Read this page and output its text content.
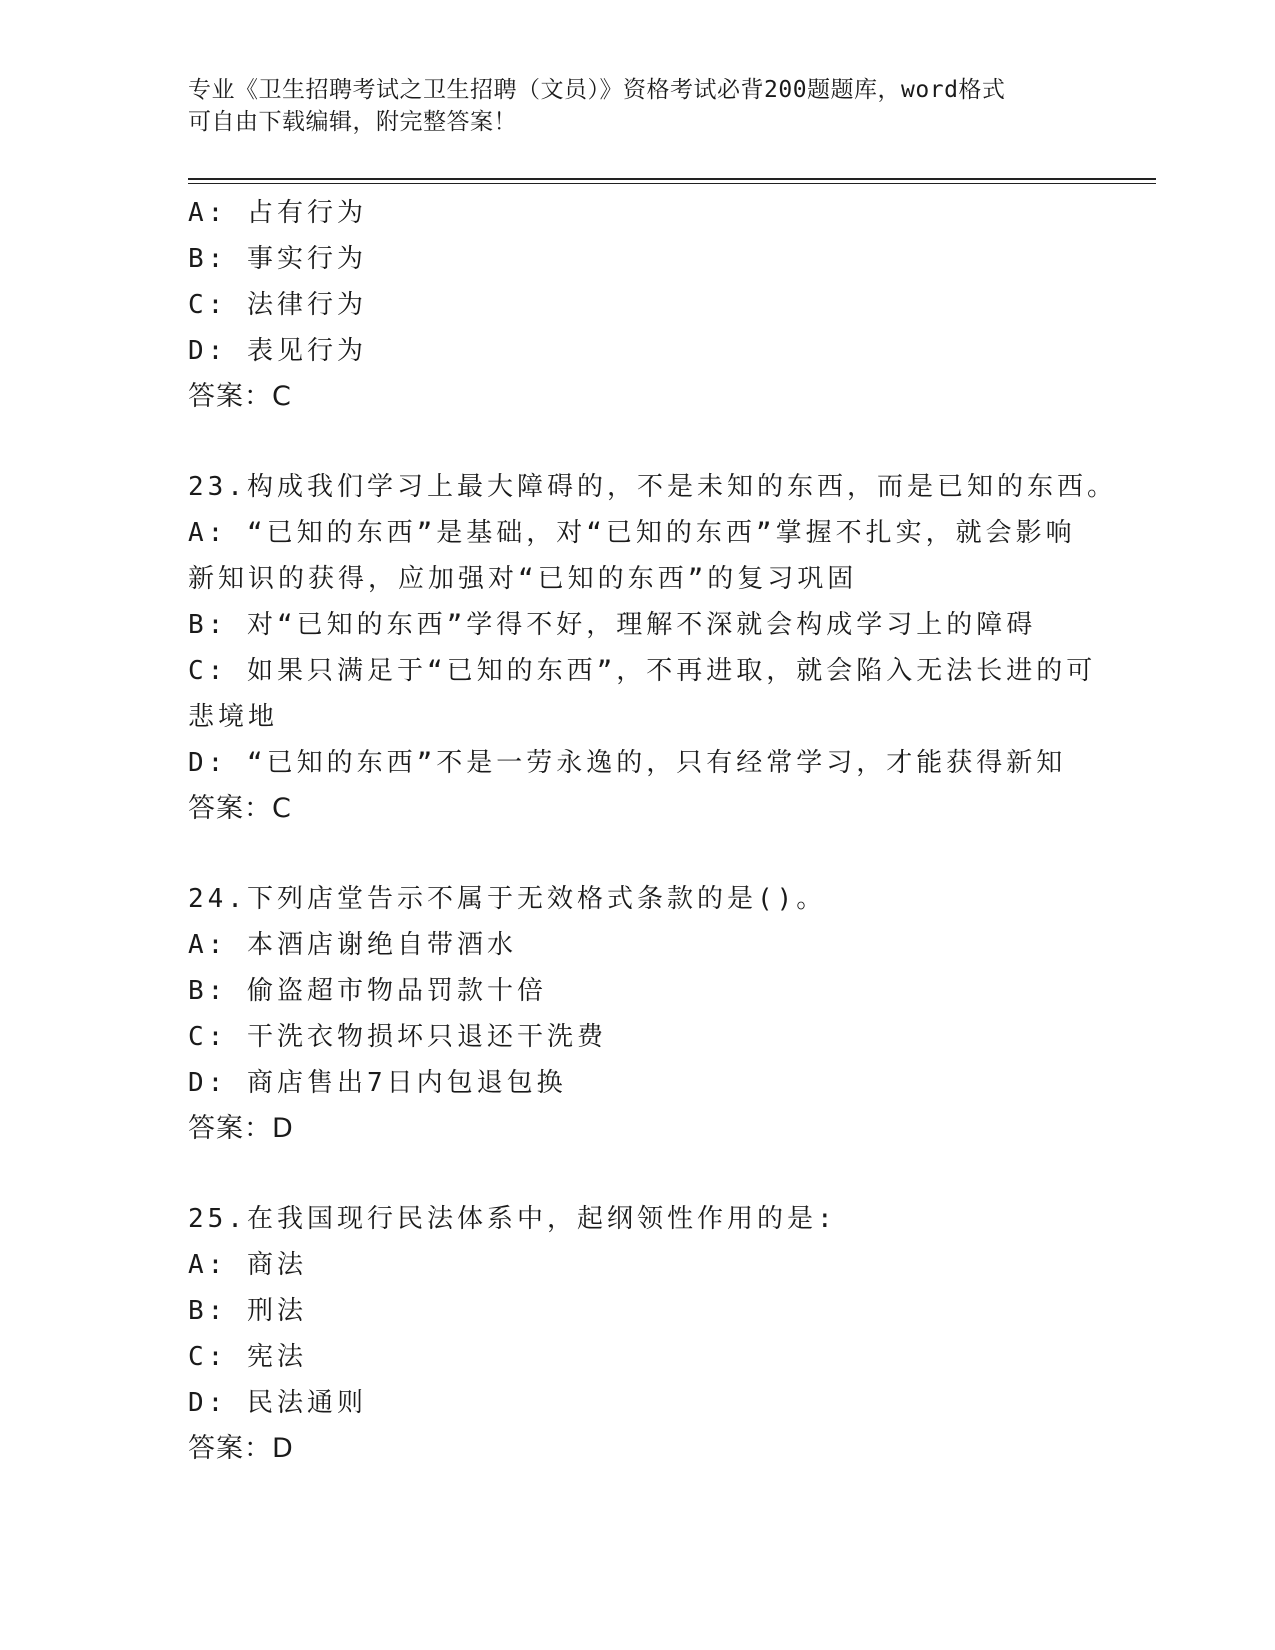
专业《卫生招聘考试之卫生招聘（文员）》资格考试必背200题题库，word格式
可自由下载编辑，附完整答案！
A: 占有行为
B: 事实行为
C: 法律行为
D: 表见行为
答案：C
23.构成我们学习上最大障碍的，不是未知的东西，而是已知的东西。
A: “已知的东西”是基础，对“已知的东西”掌握不扎实，就会影响
新知识的获得，应加强对“已知的东西”的复习巩固
B: 对“已知的东西”学得不好，理解不深就会构成学习上的障碍
C: 如果只满足于“已知的东西”，不再进取，就会陷入无法长进的可
悲境地
D: “已知的东西”不是一劳永逸的，只有经常学习，才能获得新知
答案：C
24.下列店堂告示不属于无效格式条款的是()。
A: 本酒店谢绝自带酒水
B: 偷盗超市物品罚款十倍
C: 干洗衣物损坏只退还干洗费
D: 商店售出7日内包退包换
答案：D
25.在我国现行民法体系中，起纲领性作用的是:
A: 商法
B: 刑法
C: 宪法
D: 民法通则
答案：D
